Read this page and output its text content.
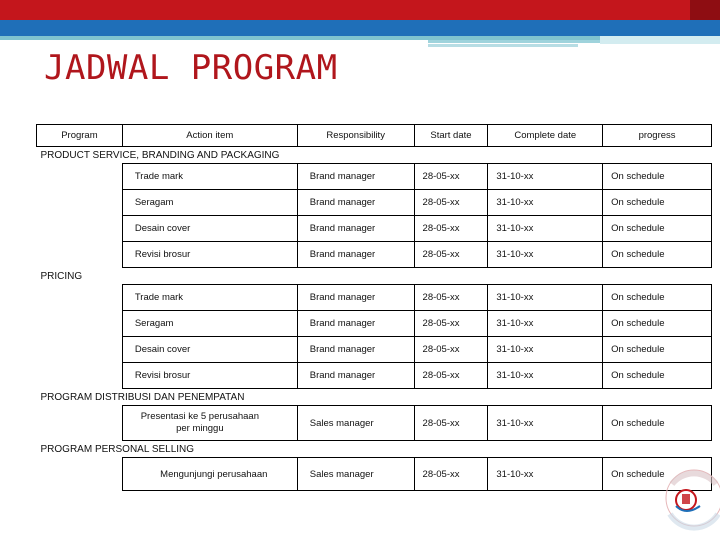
JADWAL PROGRAM
Program	Action item	Responsibility	Start date	Complete date	progress
PRODUCT SERVICE, BRANDING AND PACKAGING					
	Trade mark	Brand manager	28-05-xx	31-10-xx	On schedule
	Seragam	Brand manager	28-05-xx	31-10-xx	On schedule
	Desain cover	Brand manager	28-05-xx	31-10-xx	On schedule
	Revisi brosur	Brand manager	28-05-xx	31-10-xx	On schedule
PRICING					
	Trade mark	Brand manager	28-05-xx	31-10-xx	On schedule
	Seragam	Brand manager	28-05-xx	31-10-xx	On schedule
	Desain cover	Brand manager	28-05-xx	31-10-xx	On schedule
	Revisi brosur	Brand manager	28-05-xx	31-10-xx	On schedule
PROGRAM DISTRIBUSI DAN PENEMPATAN					
	Presentasi ke 5 perusahaan per minggu	Sales manager	28-05-xx	31-10-xx	On schedule
PROGRAM PERSONAL SELLING					
	Mengunjungi perusahaan	Sales manager	28-05-xx	31-10-xx	On schedule
